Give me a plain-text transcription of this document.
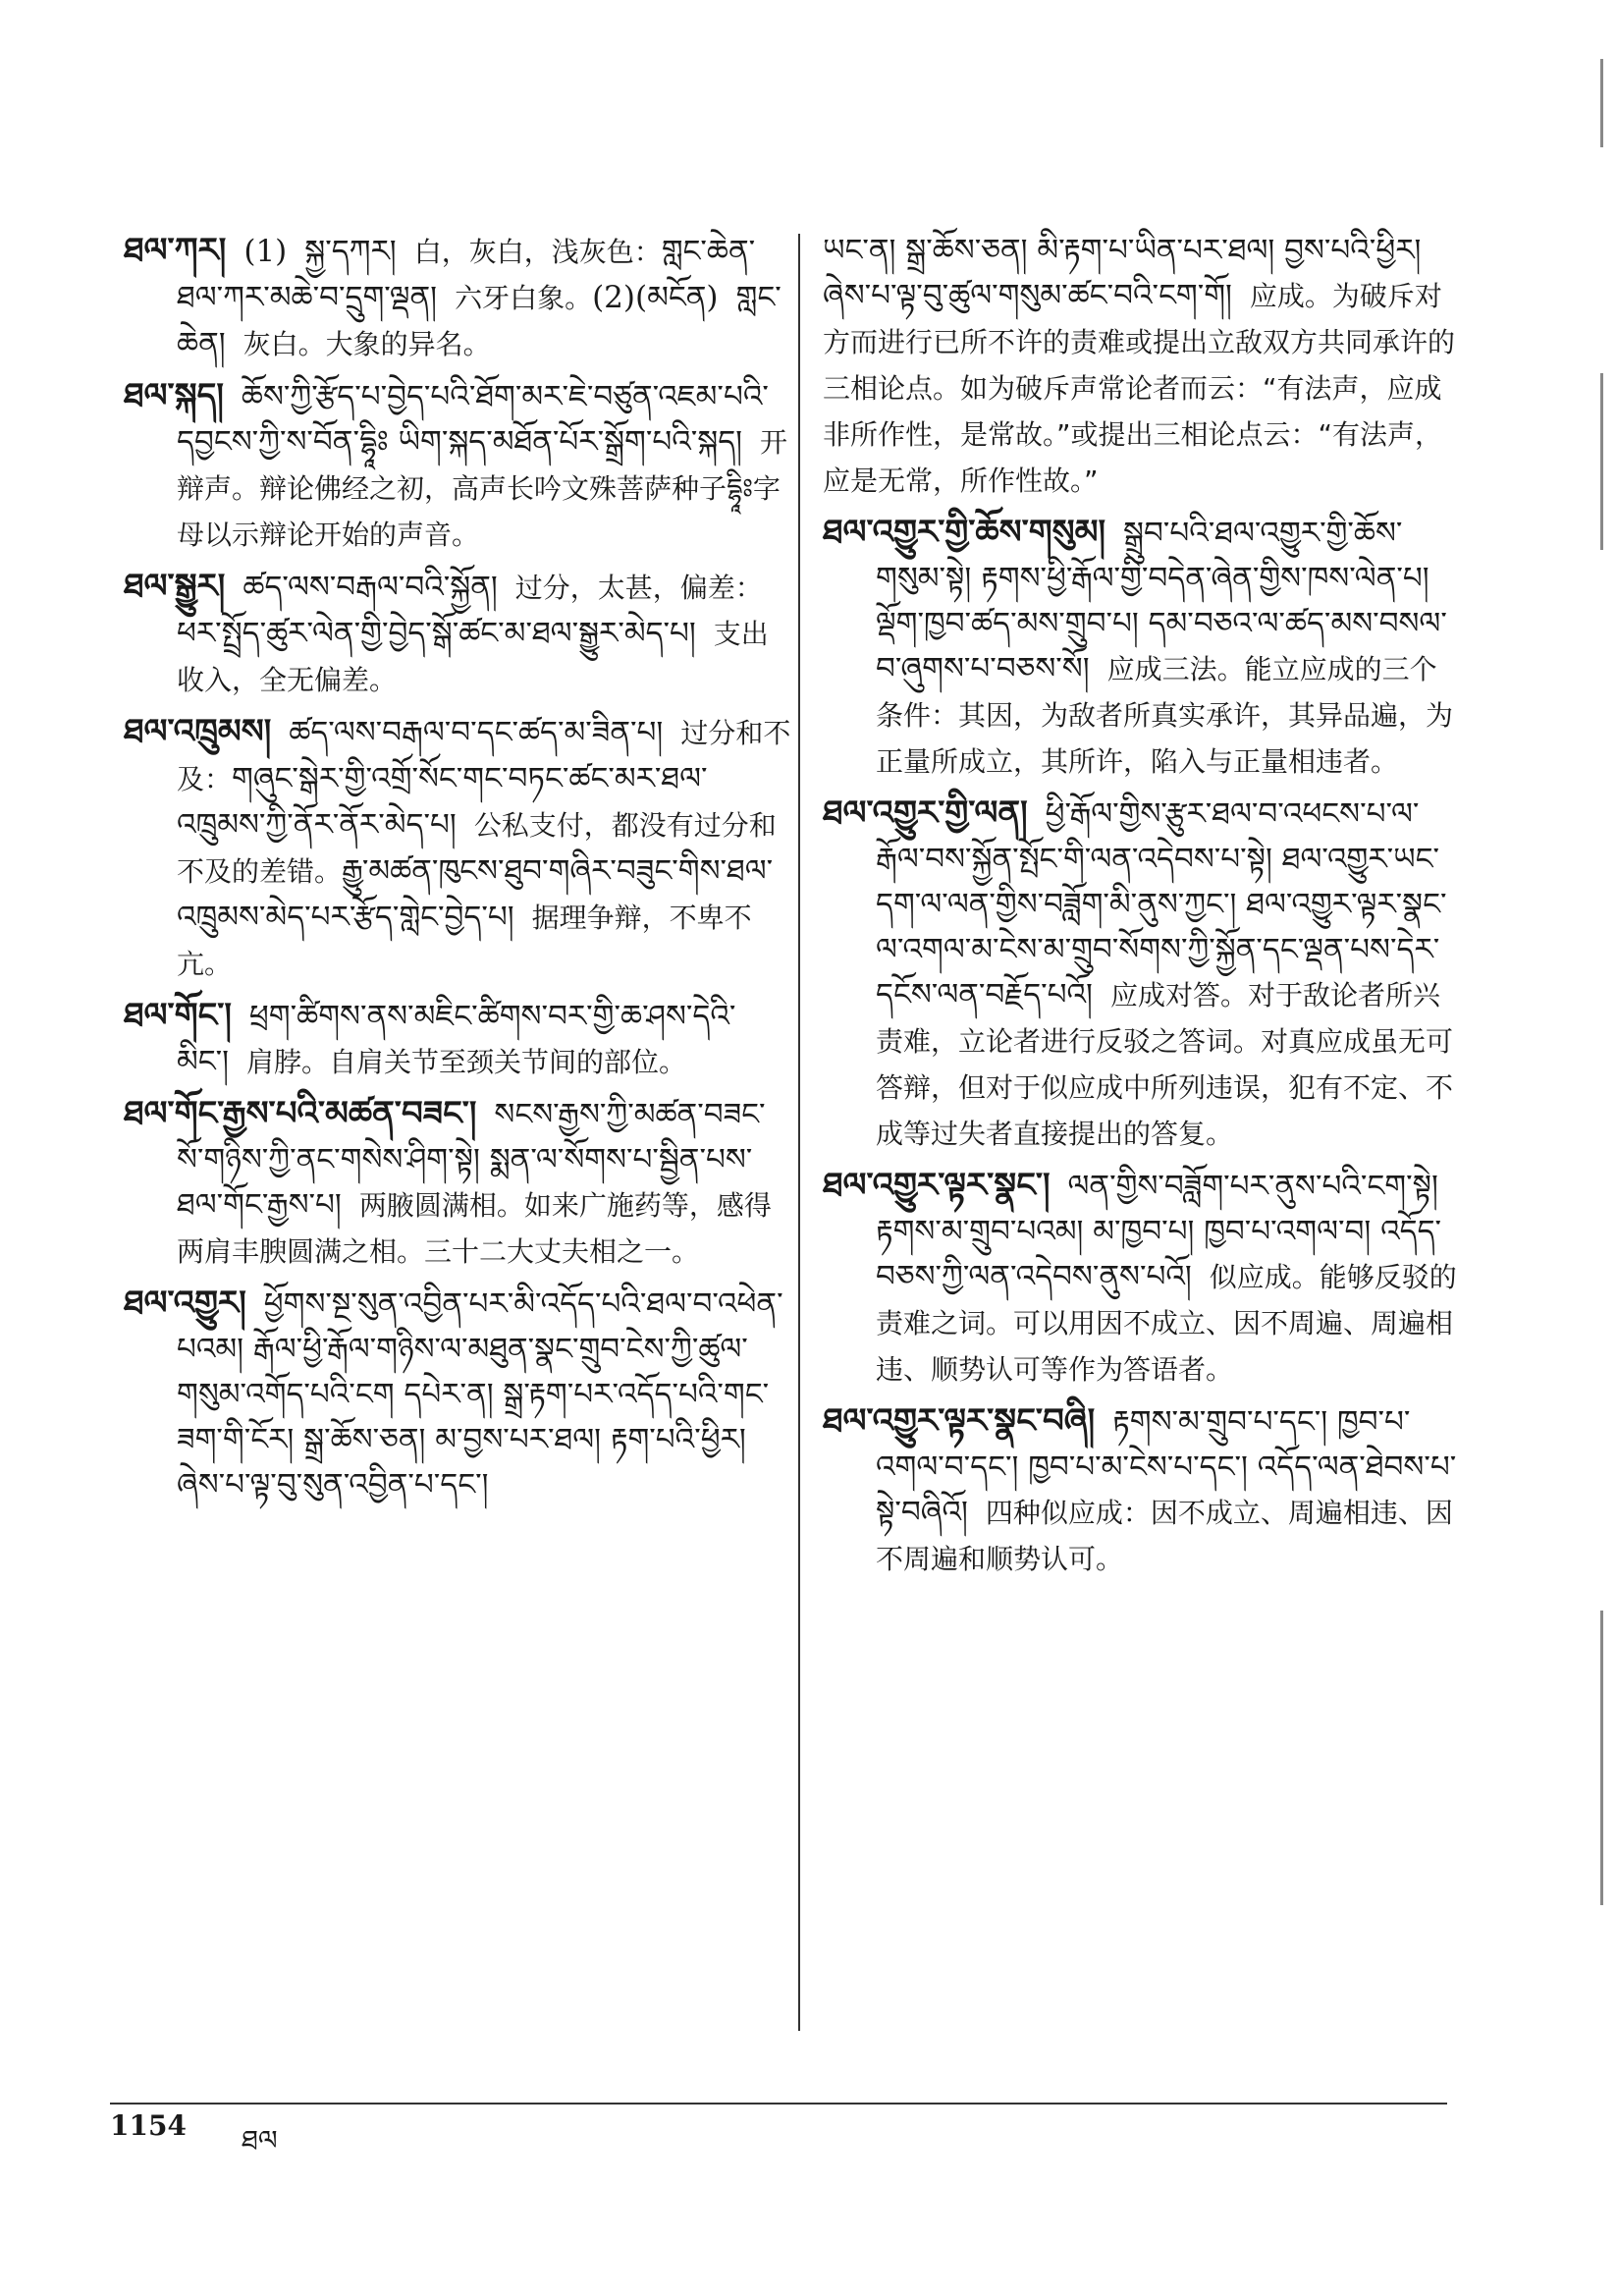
ཐལ་ཀར། (1) སྐྱ་དཀར། 白，灰白，浅灰色：གླང་ཆེན་ཐལ་ཀར་མཆེ་བ་དྲུག་ལྡན། 六牙白象。(2)(མངོན) གླང་ཆེན། 灰白。大象的异名。

ཐལ་སྐད། ཆོས་ཀྱི་རྩོད་པ་བྱེད་པའི་ཐོག་མར་ཇེ་བཙུན་འཇམ་པའི་དབྱངས་ཀྱི་ས་བོན་དྷཱིཿ ཡིག་སྐད་མཐོན་པོར་སྒྲོག་པའི་སྐད། 开辩声。辩论佛经之初，高声长吟文殊菩萨种子དྷཱིཿ字母以示辩论开始的声音。

ཐལ་སྒྱུར། ཚད་ལས་བརྒལ་བའི་སྐྱོན། 过分，太甚，偏差：ཕར་སྤྲོད་ཚུར་ལེན་གྱི་བྱེད་སྒོ་ཚང་མ་ཐལ་སྒྱུར་མེད་པ། 支出收入，全无偏差。

ཐལ་འཁྲུམས། ཚད་ལས་བརྒལ་བ་དང་ཚད་མ་ཟིན་པ། 过分和不及：གཞུང་སྒེར་གྱི་འགྲོ་སོང་གང་བཏང་ཚང་མར་ཐལ་འཁྲུམས་ཀྱི་ནོར་ནོར་མེད་པ། 公私支付，都没有过分和不及的差错。རྒྱུ་མཚན་ཁུངས་ཐུབ་གཞིར་བཟུང་གིས་ཐལ་འཁྲུམས་མེད་པར་རྩོད་གླེང་བྱེད་པ། 据理争辩，不卑不亢。

ཐལ་གོང་། ཕྲག་ཚིགས་ནས་མཇིང་ཚིགས་བར་གྱི་ཆ་ཤས་དེའི་མིང་། 肩脖。自肩关节至颈关节间的部位。

ཐལ་གོང་རྒྱས་པའི་མཚན་བཟང་། སངས་རྒྱས་ཀྱི་མཚན་བཟང་སོ་གཉིས་ཀྱི་ནང་གསེས་ཤིག་སྟེ། སྨན་ལ་སོགས་པ་སྦྱིན་པས་ཐལ་གོང་རྒྱས་པ། 两腋圆满相。如来广施药等，感得两肩丰腴圆满之相。三十二大丈夫相之一。

ཐལ་འགྱུར། ཕྱོགས་སྔ་སུན་འབྱིན་པར་མི་འདོད་པའི་ཐལ་བ་འཕེན་པའམ། རྒོལ་ཕྱི་རྒོལ་གཉིས་ལ་མཐུན་སྣང་གྲུབ་ངེས་ཀྱི་ཚུལ་གསུམ་འགོད་པའི་ངག དཔེར་ན། སྒྲ་རྟག་པར་འདོད་པའི་གང་ཟག་གི་ངོར། སྒྲ་ཆོས་ཅན། མ་བྱས་པར་ཐལ། རྟག་པའི་ཕྱིར། ཞེས་པ་ལྟ་བུ་སུན་འབྱིན་པ་དང་།

ཡང་ན། སྒྲ་ཆོས་ཅན། མི་རྟག་པ་ཡིན་པར་ཐལ། བྱས་པའི་ཕྱིར། ཞེས་པ་ལྟ་བུ་ཚུལ་གསུམ་ཚང་བའི་ངག་གོ། 应成。为破斥对方而进行已所不许的责难或提出立敌双方共同承许的三相论点。如为破斥声常论者而云：“有法声，应成非所作性，是常故。”或提出三相论点云：“有法声，应是无常，所作性故。”

ཐལ་འགྱུར་གྱི་ཆོས་གསུམ། སྒྲུབ་པའི་ཐལ་འགྱུར་གྱི་ཆོས་གསུམ་སྟེ། རྟགས་ཕྱི་རྒོལ་གྱི་བདེན་ཞེན་གྱིས་ཁས་ལེན་པ། ལྡོག་ཁྱབ་ཚད་མས་གྲུབ་པ། དམ་བཅའ་ལ་ཚད་མས་བསལ་བ་ཞུགས་པ་བཅས་སོ། 应成三法。能立应成的三个条件：其因，为敌者所真实承许，其异品遍，为正量所成立，其所许，陷入与正量相违者。

ཐལ་འགྱུར་གྱི་ལན། ཕྱི་རྒོལ་གྱིས་རྩུར་ཐལ་བ་འཕངས་པ་ལ་རྒོལ་བས་སྐྱོན་སྤོང་གི་ལན་འདེབས་པ་སྟེ། ཐལ་འགྱུར་ཡང་དག་ལ་ལན་གྱིས་བཟློག་མི་ནུས་ཀྱང་། ཐལ་འགྱུར་ལྟར་སྣང་ལ་འགལ་མ་ངེས་མ་གྲུབ་སོགས་ཀྱི་སྐྱོན་དང་ལྡན་པས་དེར་དངོས་ལན་བརྗོད་པའོ། 应成对答。对于敌论者所兴责难，立论者进行反驳之答词。对真应成虽无可答辩，但对于似应成中所列违误，犯有不定、不成等过失者直接提出的答复。

ཐལ་འགྱུར་ལྟར་སྣང་། ལན་གྱིས་བཟློག་པར་ནུས་པའི་ངག་སྟེ། རྟགས་མ་གྲུབ་པའམ། མ་ཁྱབ་པ། ཁྱབ་པ་འགལ་བ། འདོད་བཅས་ཀྱི་ལན་འདེབས་ནུས་པའོ། 似应成。能够反驳的责难之词。可以用因不成立、因不周遍、周遍相违、顺势认可等作为答语者。

ཐལ་འགྱུར་ལྟར་སྣང་བཞི། རྟགས་མ་གྲུབ་པ་དང་། ཁྱབ་པ་འགལ་བ་དང་། ཁྱབ་པ་མ་ངེས་པ་དང་། འདོད་ལན་ཐེབས་པ་སྟེ་བཞིའོ། 四种似应成：因不成立、周遍相违、因不周遍和顺势认可。

1154 ཐལ
